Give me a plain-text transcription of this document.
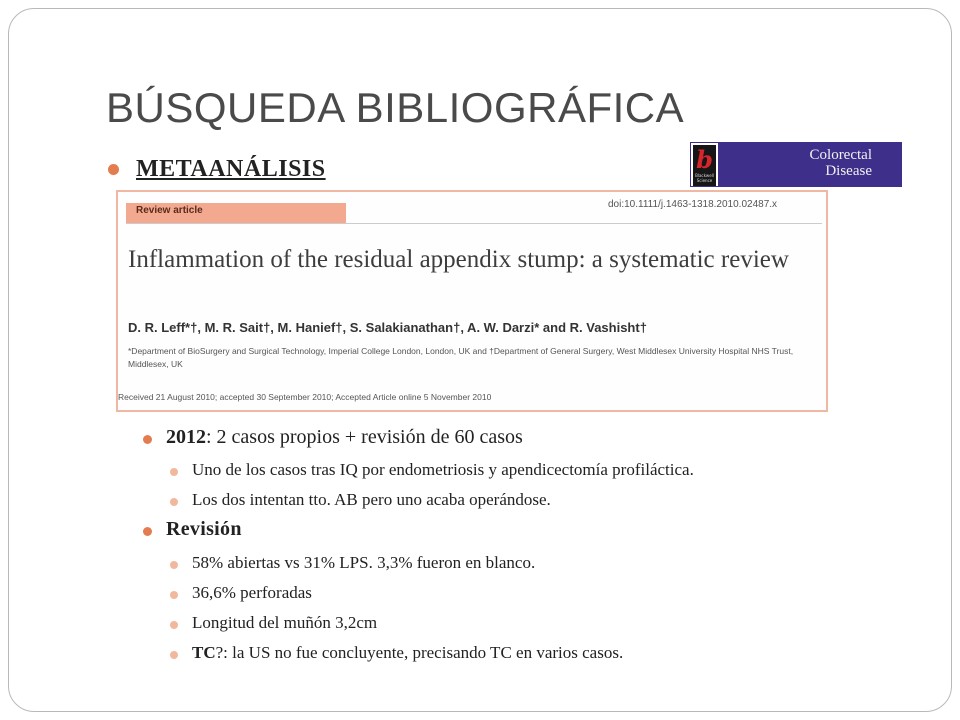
BÚSQUEDA BIBLIOGRÁFICA
METAANÁLISIS	b
Blackwell Science
Colorectal
Disease
Review article
doi:10.1111/j.1463-1318.2010.02487.x
Inflammation of the residual appendix stump: a systematic review
D. R. Leff*†, M. R. Sait†, M. Hanief†, S. Salakianathan†, A. W. Darzi* and R. Vashisht†
*Department of BioSurgery and Surgical Technology, Imperial College London, London, UK and †Department of General Surgery, West Middlesex University Hospital NHS Trust, Middlesex, UK
Received 21 August 2010; accepted 30 September 2010; Accepted Article online 5 November 2010
2012: 2 casos propios + revisión de 60 casos
Uno de los casos tras IQ por endometriosis y apendicectomía profiláctica.
Los dos intentan tto. AB pero uno acaba operándose.
Revisión
58% abiertas vs 31% LPS. 3,3% fueron en blanco.
36,6% perforadas
Longitud del muñón 3,2cm
TC?: la US no fue concluyente, precisando TC en varios casos.
